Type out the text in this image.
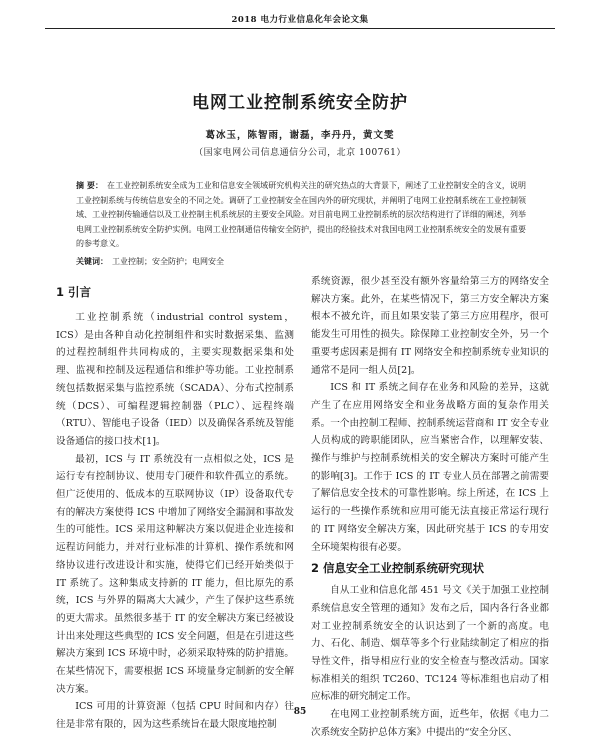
2018 电力行业信息化年会论文集
电网工业控制系统安全防护
葛冰玉，陈智雨，谢磊，李丹丹，黄文雯
（国家电网公司信息通信分公司，北京 100761）

摘 要： 在工业控制系统安全成为工业和信息安全领域研究机构关注的研究热点的大背景下，阐述了工业控制安全的含义，说明工业控制系统与传统信息安全的不同之处。调研了工业控制安全在国内外的研究现状，并阐明了电网工业控制系统在工业控制领域、工业控制传输通信以及工业控制主机系统层的主要安全风险。对目前电网工业控制系统的层次结构进行了详细的阐述，列举电网工业控制系统安全防护实例。电网工业控制通信传输安全防护，提出的经验技术对我国电网工业控制系统安全的发展有重要的参考意义。

关键词： 工业控制；安全防护；电网安全

1 引言

工业控制系统（industrial control system，ICS）是由各种自动化控制组件和实时数据采集、监测的过程控制组件共同构成的，主要实现数据采集和处理、监视和控制及远程通信和维护等功能。工业控制系统包括数据采集与监控系统（SCADA）、分布式控制系统（DCS）、可编程逻辑控制器（PLC）、远程终端（RTU）、智能电子设备（IED）以及确保各系统及智能设备通信的接口技术[1]。

最初，ICS 与 IT 系统没有一点相似之处，ICS 是运行专有控制协议、使用专门硬件和软件孤立的系统。但广泛使用的、低成本的互联网协议（IP）设备取代专有的解决方案使得 ICS 中增加了网络安全漏洞和事故发生的可能性。ICS 采用这种解决方案以促进企业连接和远程访问能力，并对行业标准的计算机、操作系统和网络协议进行改进设计和实施，使得它们已经开始类似于 IT 系统了。这种集成支持新的 IT 能力，但比原先的系统，ICS 与外界的隔离大大减少，产生了保护这些系统的更大需求。虽然很多基于 IT 的安全解决方案已经被设计出来处理这些典型的 ICS 安全问题，但是在引进这些解决方案到 ICS 环境中时，必须采取特殊的防护措施。在某些情况下，需要根据 ICS 环境量身定制新的安全解决方案。

ICS 可用的计算资源（包括 CPU 时间和内存）往往是非常有限的，因为这些系统旨在最大限度地控制

系统资源，很少甚至没有额外容量给第三方的网络安全解决方案。此外，在某些情况下，第三方安全解决方案根本不被允许，而且如果安装了第三方应用程序，很可能发生可用性的损失。除保障工业控制安全外，另一个重要考虑因素是拥有 IT 网络安全和控制系统专业知识的通常不是同一组人员[2]。

ICS 和 IT 系统之间存在业务和风险的差异，这就产生了在应用网络安全和业务战略方面的复杂作用关系。一个由控制工程师、控制系统运营商和 IT 安全专业人员构成的跨职能团队，应当紧密合作，以理解安装、操作与维护与控制系统相关的安全解决方案时可能产生的影响[3]。工作于 ICS 的 IT 专业人员在部署之前需要了解信息安全技术的可靠性影响。综上所述，在 ICS 上运行的一些操作系统和应用可能无法直接正常运行现行的 IT 网络安全解决方案，因此研究基于 ICS 的专用安全环境架构很有必要。

2 信息安全工业控制系统研究现状

自从工业和信息化部 451 号文《关于加强工业控制系统信息安全管理的通知》发布之后，国内各行各业都对工业控制系统安全的认识达到了一个新的高度。电力、石化、制造、烟草等多个行业陆续制定了相应的指导性文件，指导相应行业的安全检查与整改活动。国家标准相关的组织 TC260、TC124 等标准组也启动了相应标准的研究制定工作。

在电网工业控制系统方面，近些年，依据《电力二次系统安全防护总体方案》中提出的“安全分区、

85
